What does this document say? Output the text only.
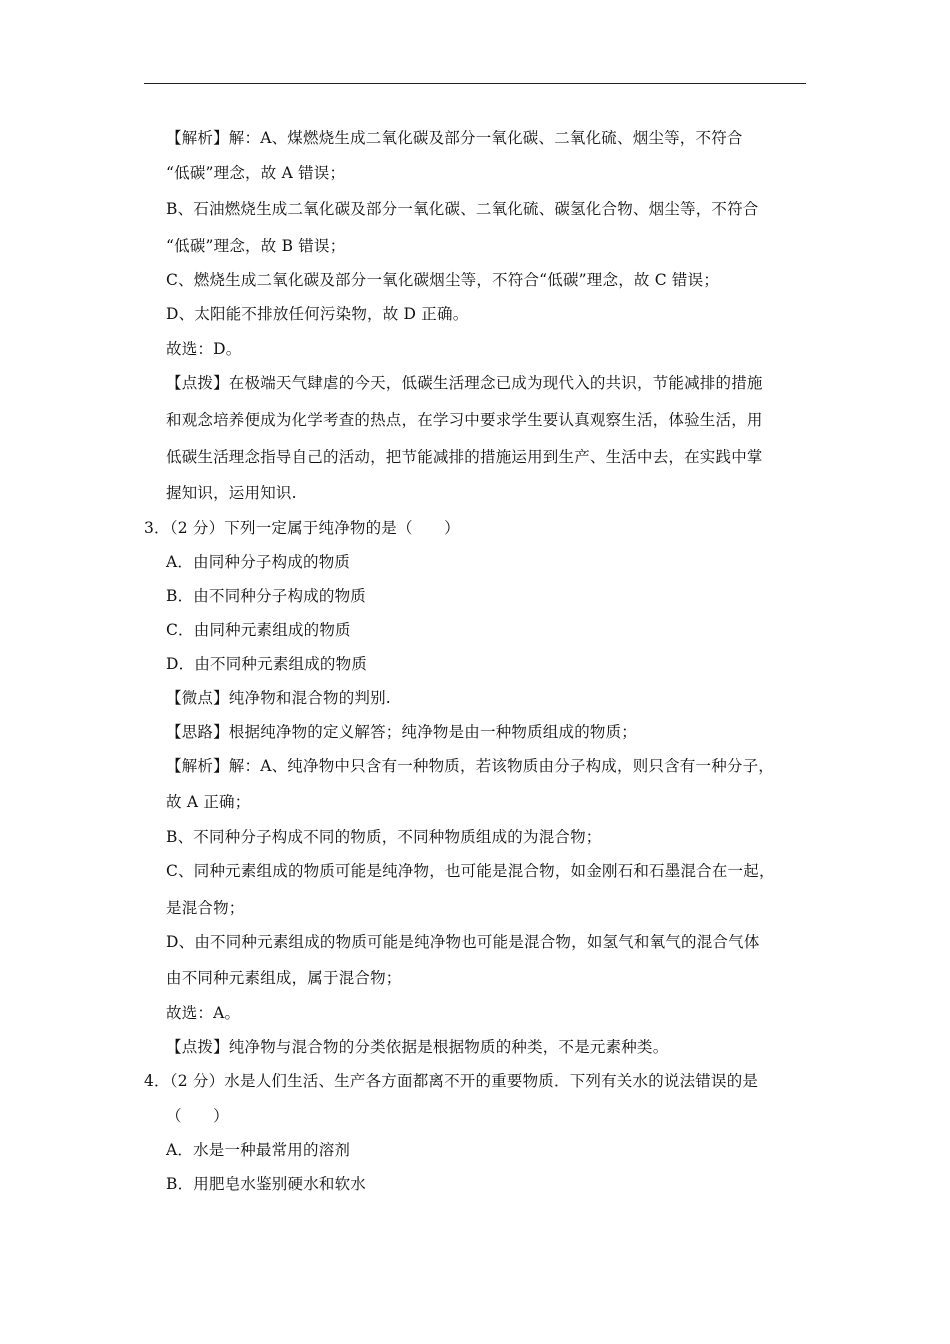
【解析】解：A、煤燃烧生成二氧化碳及部分一氧化碳、二氧化硫、烟尘等，不符合
“低碳”理念，故 A 错误；
B、石油燃烧生成二氧化碳及部分一氧化碳、二氧化硫、碳氢化合物、烟尘等，不符合
“低碳”理念，故 B 错误；
C、燃烧生成二氧化碳及部分一氧化碳烟尘等，不符合“低碳”理念，故 C 错误；
D、太阳能不排放任何污染物，故 D 正确。
故选：D。
【点拨】在极端天气肆虐的今天，低碳生活理念已成为现代入的共识，节能减排的措施
和观念培养便成为化学考查的热点，在学习中要求学生要认真观察生活，体验生活，用
低碳生活理念指导自己的活动，把节能减排的措施运用到生产、生活中去，在实践中掌
握知识，运用知识.
3．（2 分）下列一定属于纯净物的是（　　）
A．由同种分子构成的物质
B．由不同种分子构成的物质
C．由同种元素组成的物质
D．由不同种元素组成的物质
【微点】纯净物和混合物的判别.
【思路】根据纯净物的定义解答；纯净物是由一种物质组成的物质；
【解析】解：A、纯净物中只含有一种物质，若该物质由分子构成，则只含有一种分子，
故 A 正确；
B、不同种分子构成不同的物质，不同种物质组成的为混合物；
C、同种元素组成的物质可能是纯净物，也可能是混合物，如金刚石和石墨混合在一起，
是混合物；
D、由不同种元素组成的物质可能是纯净物也可能是混合物，如氢气和氧气的混合气体
由不同种元素组成，属于混合物；
故选：A。
【点拨】纯净物与混合物的分类依据是根据物质的种类，不是元素种类。
4．（2 分）水是人们生活、生产各方面都离不开的重要物质．下列有关水的说法错误的是
（　　）
A．水是一种最常用的溶剂
B．用肥皂水鉴别硬水和软水
